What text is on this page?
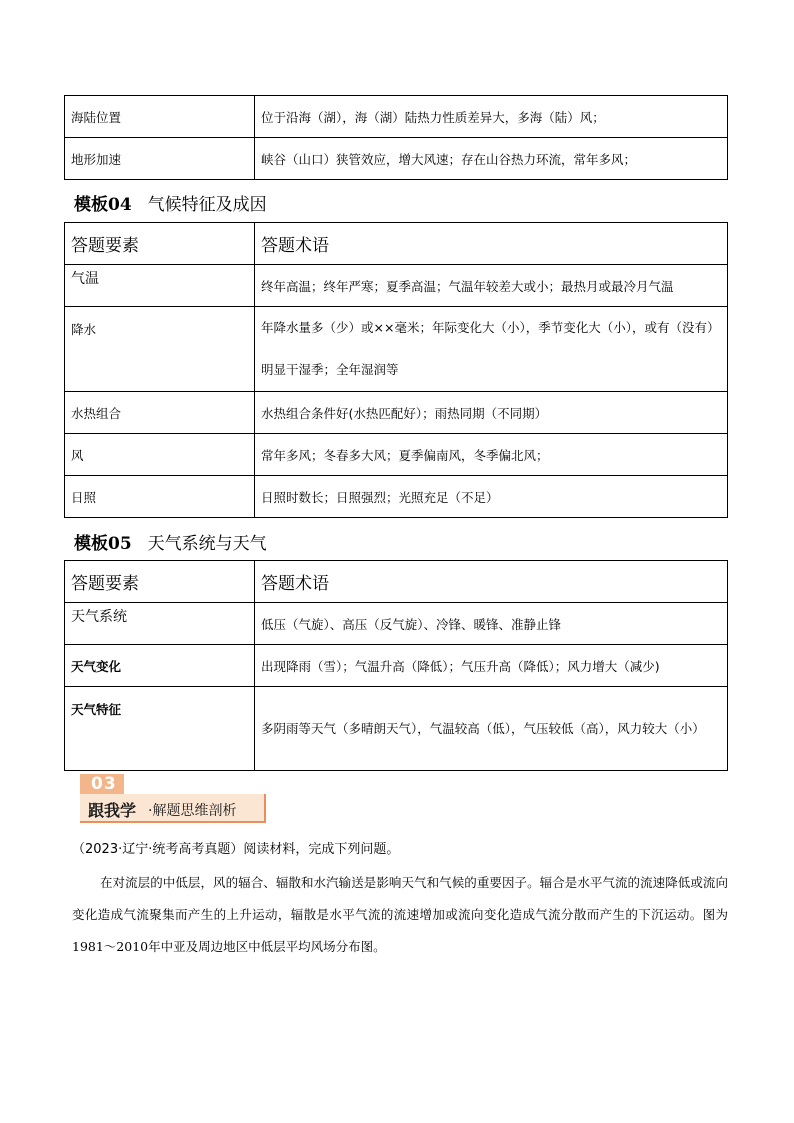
海陆位置	位于沿海（湖），海（湖）陆热力性质差异大，多海（陆）风；
地形加速	峡谷（山口）狭管效应，增大风速；存在山谷热力环流，常年多风；
模板04 气候特征及成因
答题要素	答题术语
气温	终年高温；终年严寒；夏季高温；气温年较差大或小；最热月或最冷月气温
降水	年降水量多（少）或××毫米；年际变化大（小），季节变化大（小），或有（没有）明显干湿季；全年湿润等
水热组合	水热组合条件好(水热匹配好）；雨热同期（不同期）
风	常年多风；冬春多大风；夏季偏南风，冬季偏北风；
日照	日照时数长；日照强烈；光照充足（不足）
模板05 天气系统与天气
答题要素	答题术语
天气系统	低压（气旋）、高压（反气旋）、冷锋、暖锋、准静止锋
天气变化	出现降雨（雪）；气温升高（降低）；气压升高（降低）；风力增大（减少)
天气特征	多阴雨等天气（多晴朗天气），气温较高（低），气压较低（高），风力较大（小）
03
跟我学 ·解题思维剖析
（2023·辽宁·统考高考真题）阅读材料，完成下列问题。
在对流层的中低层，风的辐合、辐散和水汽输送是影响天气和气候的重要因子。辐合是水平气流的流速降低或流向变化造成气流聚集而产生的上升运动，辐散是水平气流的流速增加或流向变化造成气流分散而产生的下沉运动。图为1981～2010年中亚及周边地区中低层平均风场分布图。
